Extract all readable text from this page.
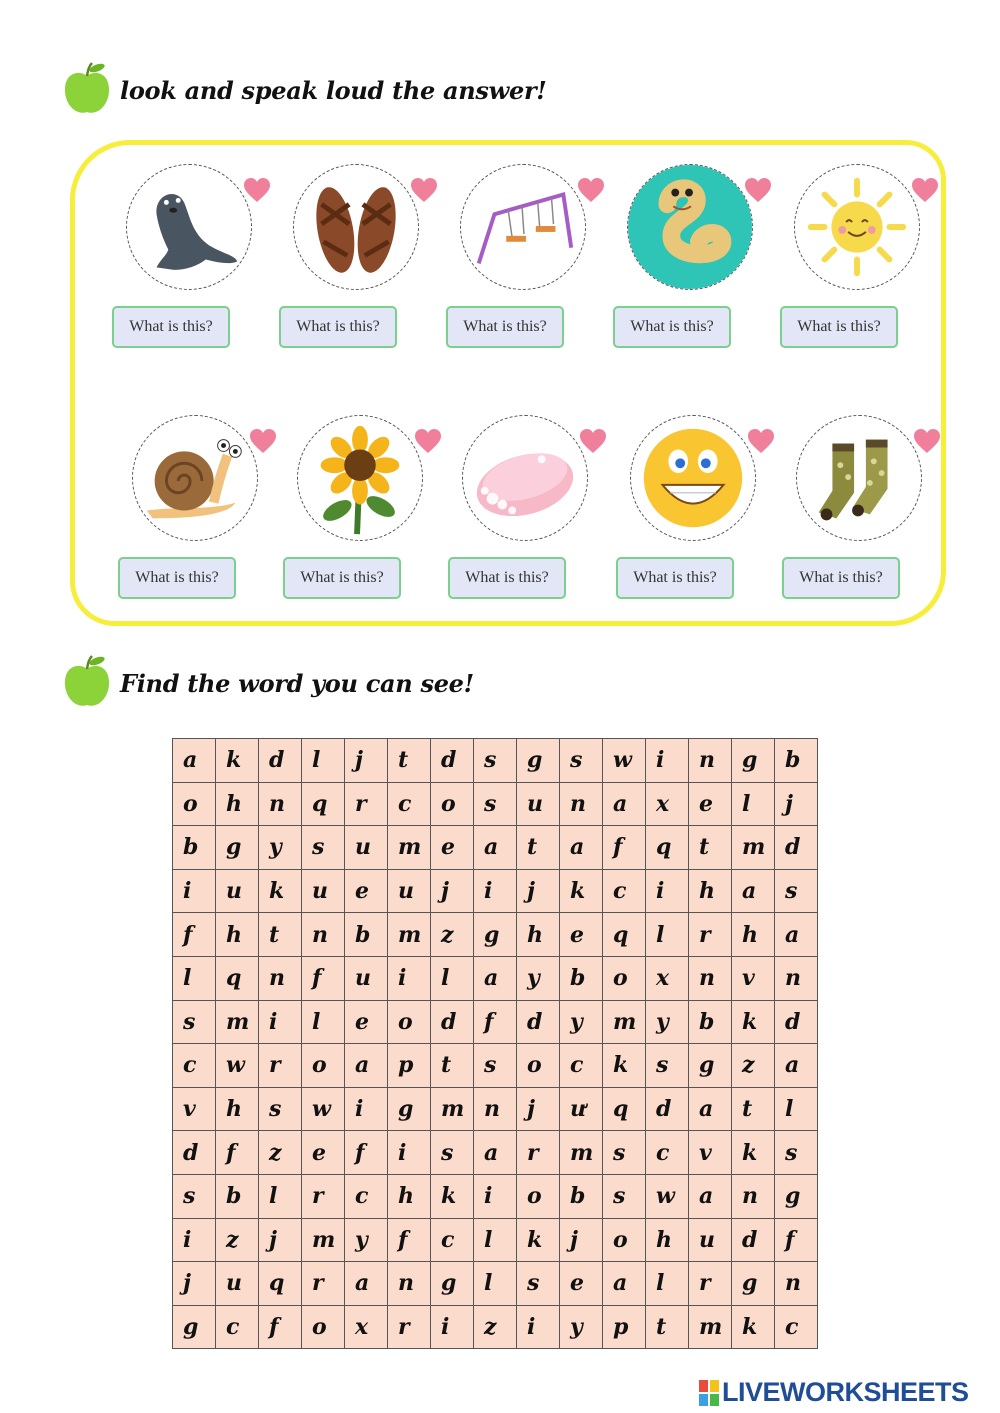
look and speak loud the answer!
What is this?	What is this?	What is this?	What is this?	What is this?
What is this?	What is this?	What is this?	What is this?	What is this?
Find the word you can see!
a	k	d	l	j	t	d	s	g	s	w	i	n	g	b
o	h	n	q	r	c	o	s	u	n	a	x	e	l	j
b	g	y	s	u	m	e	a	t	a	f	q	t	m	d
i	u	k	u	e	u	j	i	j	k	c	i	h	a	s
f	h	t	n	b	m	z	g	h	e	q	l	r	h	a
l	q	n	f	u	i	l	a	y	b	o	x	n	v	n
s	m	i	l	e	o	d	f	d	y	m	y	b	k	d
c	w	r	o	a	p	t	s	o	c	k	s	g	z	a
v	h	s	w	i	g	m	n	j	ư	q	d	a	t	l
d	f	z	e	f	i	s	a	r	m	s	c	v	k	s
s	b	l	r	c	h	k	i	o	b	s	w	a	n	g
i	z	j	m	y	f	c	l	k	j	o	h	u	d	f
j	u	q	r	a	n	g	l	s	e	a	l	r	g	n
g	c	f	o	x	r	i	z	i	y	p	t	m	k	c
LIVEWORKSHEETS
